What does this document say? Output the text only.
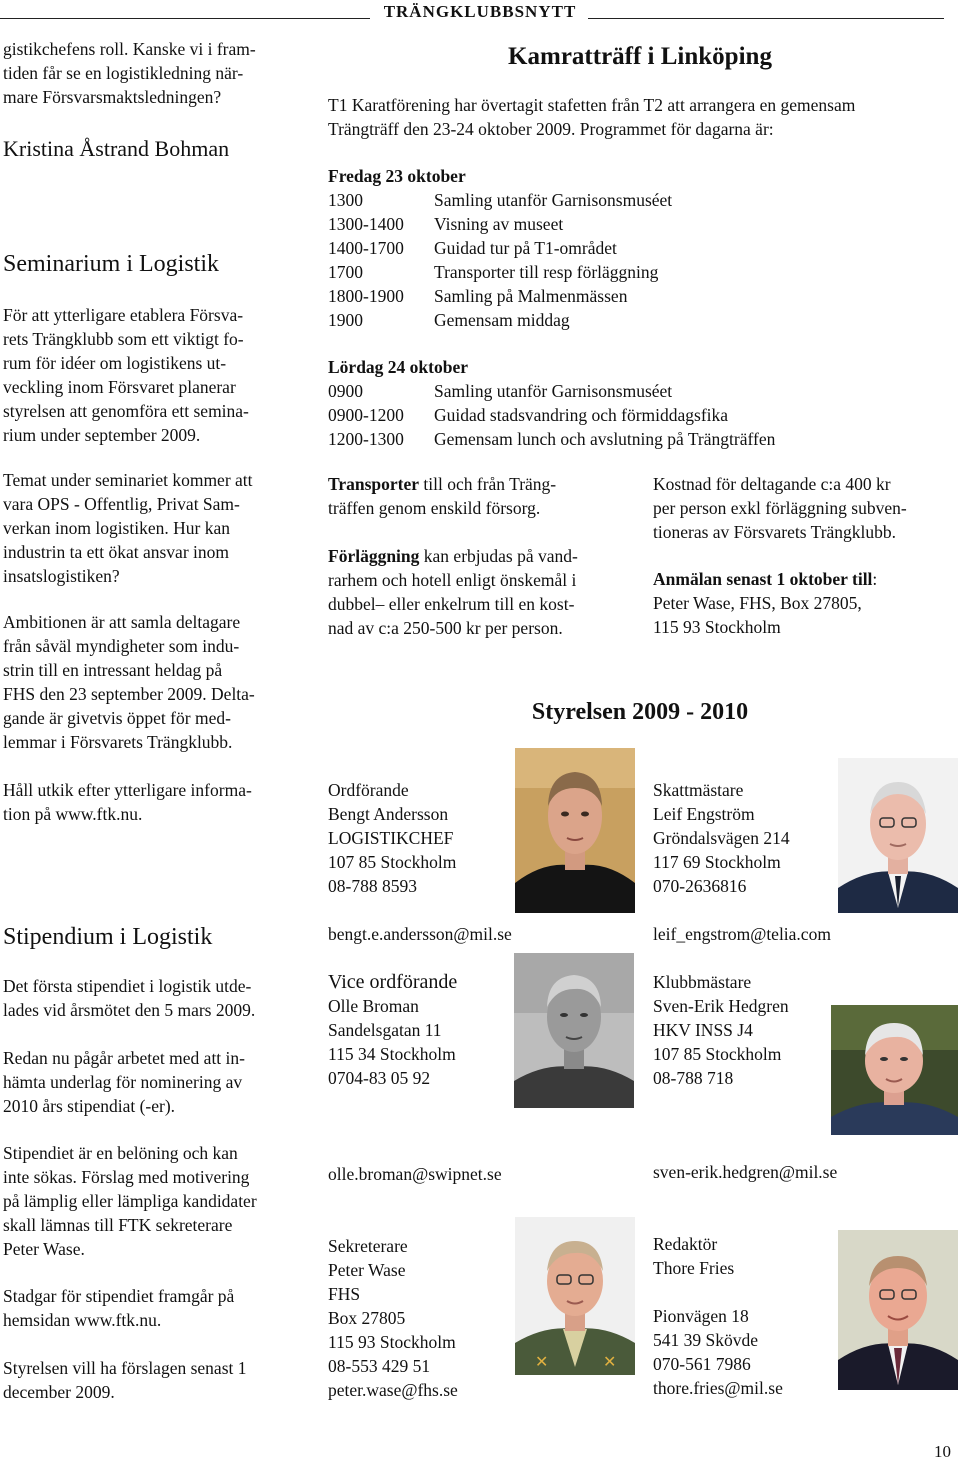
TRÄNGKLUBBSNYTT
gistikchefens roll. Kanske vi i fram-
tiden får se en logistikledning när-
mare Försvarsmaktsledningen?
Kristina Åstrand Bohman
Seminarium i Logistik
För att ytterligare etablera Försva-
rets Trängklubb som ett viktigt fo-
rum för idéer om logistikens ut-
veckling inom Försvaret planerar
styrelsen att genomföra ett semina-
rium under september 2009.
Temat under seminariet kommer att
vara OPS - Offentlig, Privat Sam-
verkan inom logistiken. Hur kan
industrin ta ett ökat ansvar inom
insatslogistiken?
Ambitionen är att samla deltagare
från såväl myndigheter som indu-
strin till en intressant heldag på
FHS den 23 september 2009. Delta-
gande är givetvis öppet för med-
lemmar i Försvarets Trängklubb.
Håll utkik efter ytterligare informa-
tion på www.ftk.nu.
Stipendium i Logistik
Det första stipendiet i logistik utde-
lades vid årsmötet den 5 mars 2009.
Redan nu pågår arbetet med att in-
hämta underlag för nominering av
2010 års stipendiat (-er).
Stipendiet är en belöning och kan
inte sökas. Förslag med motivering
på lämplig eller lämpliga kandidater
skall lämnas till FTK sekreterare
Peter Wase.
Stadgar för stipendiet framgår på
hemsidan www.ftk.nu.
Styrelsen vill ha förslagen senast 1
december 2009.
Kamratträff i Linköping
T1 Karatförening har övertagit stafetten från T2 att arrangera en gemensam
Trängträff den 23-24 oktober 2009. Programmet för dagarna är:
Fredag 23 oktober
1300	Samling utanför Garnisonsmuséet
1300-1400	Visning av museet
1400-1700	Guidad tur på T1-området
1700	Transporter till resp förläggning
1800-1900	Samling på Malmenmässen
1900	Gemensam middag
Lördag 24 oktober
0900	Samling utanför Garnisonsmuséet
0900-1200	Guidad stadsvandring och förmiddagsfika
1200-1300	Gemensam lunch och avslutning på Trängträffen
Transporter till och från Träng-
träffen genom enskild försorg.
Förläggning kan erbjudas på vand-
rarhem och hotell enligt önskemål i
dubbel– eller enkelrum till en kost-
nad av c:a 250-500 kr per person.
Kostnad för deltagande c:a 400 kr
per person exkl förläggning subven-
tioneras av Försvarets Trängklubb.
Anmälan senast 1 oktober till:
Peter Wase, FHS, Box 27805,
115 93 Stockholm
Styrelsen 2009 - 2010
Ordförande
Bengt Andersson
LOGISTIKCHEF
107 85 Stockholm
08-788 8593
bengt.e.andersson@mil.se
Skattmästare
Leif Engström
Gröndalsvägen 214
117 69 Stockholm
070-2636816
leif_engstrom@telia.com
Vice ordförande
Olle Broman
Sandelsgatan 11
115 34 Stockholm
0704-83 05 92
olle.broman@swipnet.se
Klubbmästare
Sven-Erik Hedgren
HKV INSS J4
107 85 Stockholm
08-788 718
sven-erik.hedgren@mil.se
Sekreterare
Peter Wase
FHS
Box 27805
115 93 Stockholm
08-553 429 51
peter.wase@fhs.se
✕	✕
Redaktör
Thore Fries
Pionvägen 18
541 39 Skövde
070-561 7986
thore.fries@mil.se
10
